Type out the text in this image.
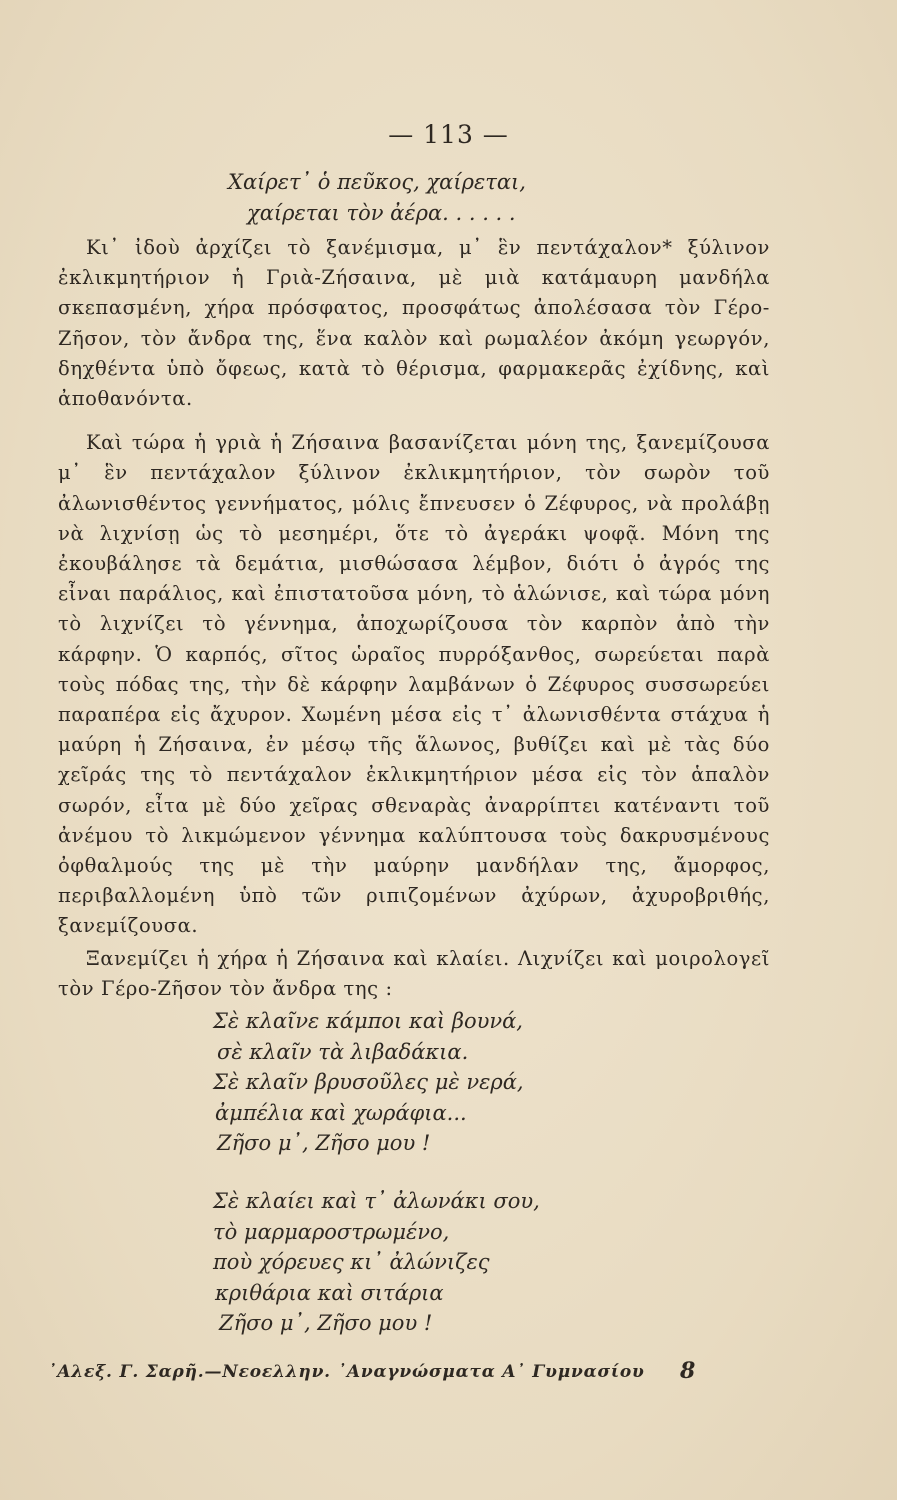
— 113 —
Χαίρετ᾽ ὁ πεῦκος, χαίρεται,
χαίρεται τὸν ἀέρα. . . . . .

Κι᾽ ἰδοὺ ἀρχίζει τὸ ξανέμισμα, μ᾽ ἓν πεντάχαλον* ξύλινον ἐκλικμητήριον ἡ Γριὰ-Ζήσαινα, μὲ μιὰ κατάμαυρη μανδήλα σκεπασμένη, χήρα πρόσφατος, προσφάτως ἀπολέσασα τὸν Γέρο-Ζῆσον, τὸν ἄνδρα της, ἕνα καλὸν καὶ ρωμαλέον ἀκόμη γεωργόν, δηχθέντα ὑπὸ ὄφεως, κατὰ τὸ θέρισμα, φαρμακερᾶς ἐχίδνης, καὶ ἀποθανόντα.

Καὶ τώρα ἡ γριὰ ἡ Ζήσαινα βασανίζεται μόνη της, ξανεμίζουσα μ᾽ ἓν πεντάχαλον ξύλινον ἐκλικμητήριον, τὸν σωρὸν τοῦ ἀλωνισθέντος γεννήματος, μόλις ἔπνευσεν ὁ Ζέφυρος, νὰ προλάβῃ νὰ λιχνίσῃ ὡς τὸ μεσημέρι, ὅτε τὸ ἀγεράκι ψοφᾷ. Μόνη της ἐκουβάλησε τὰ δεμάτια, μισθώσασα λέμβον, διότι ὁ ἀγρός της εἶναι παράλιος, καὶ ἐπιστατοῦσα μόνη, τὸ ἁλώνισε, καὶ τώρα μόνη τὸ λιχνίζει τὸ γέννημα, ἀποχωρίζουσα τὸν καρπὸν ἀπὸ τὴν κάρφην. Ὁ καρπός, σῖτος ὡραῖος πυρρόξανθος, σωρεύεται παρὰ τοὺς πόδας της, τὴν δὲ κάρφην λαμβάνων ὁ Ζέφυρος συσσωρεύει παραπέρα εἰς ἄχυρον. Χωμένη μέσα εἰς τ᾽ ἀλωνισθέντα στάχυα ἡ μαύρη ἡ Ζήσαινα, ἐν μέσῳ τῆς ἅλωνος, βυθίζει καὶ μὲ τὰς δύο χεῖράς της τὸ πεντάχαλον ἐκλικμητήριον μέσα εἰς τὸν ἁπαλὸν σωρόν, εἶτα μὲ δύο χεῖρας σθεναρὰς ἀναρρίπτει κατέναντι τοῦ ἀνέμου τὸ λικμώμενον γέννημα καλύπτουσα τοὺς δακρυσμένους ὀφθαλμούς της μὲ τὴν μαύρην μανδήλαν της, ἄμορφος, περιβαλλομένη ὑπὸ τῶν ριπιζομένων ἀχύρων, ἀχυροβριθής, ξανεμίζουσα.

Ξανεμίζει ἡ χήρα ἡ Ζήσαινα καὶ κλαίει. Λιχνίζει καὶ μοιρολογεῖ τὸν Γέρο-Ζῆσον τὸν ἄνδρα της :

Σὲ κλαῖνε κάμποι καὶ βουνά,
σὲ κλαῖν τὰ λιβαδάκια.
Σὲ κλαῖν βρυσοῦλες μὲ νερά,
ἀμπέλια καὶ χωράφια...
Ζῆσο μ᾽, Ζῆσο μου !
Σὲ κλαίει καὶ τ᾽ ἀλωνάκι σου,
τὸ μαρμαροστρωμένο,
ποὺ χόρευες κι᾽ ἀλώνιζες
κριθάρια καὶ σιτάρια
Ζῆσο μ᾽, Ζῆσο μου !
᾽Αλεξ. Γ. Σαρῆ.—Νεοελλην. ᾽Αναγνώσματα Α᾽ Γυμνασίου	8
